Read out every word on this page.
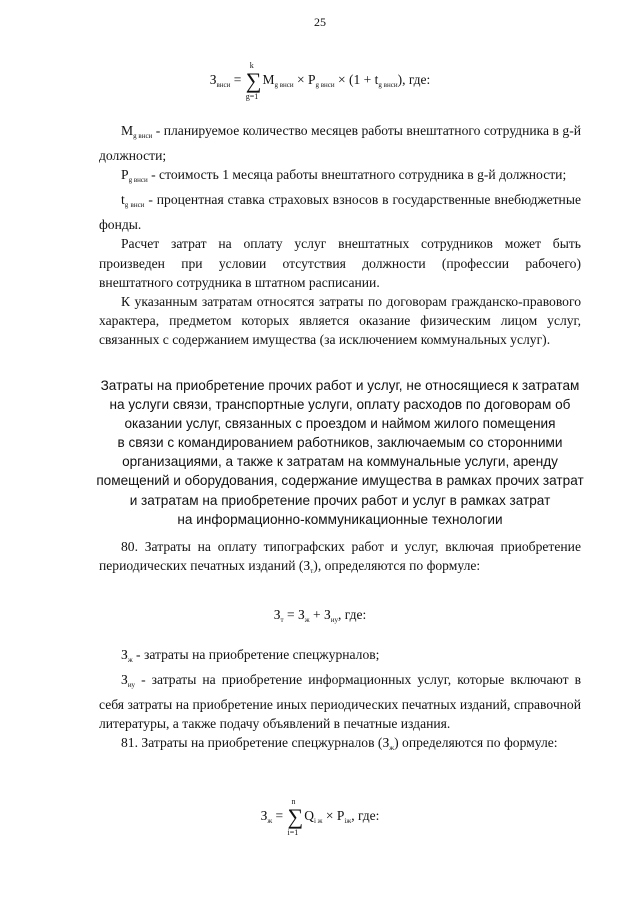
25
$З_{внси}$ =
k
∑
g=1
$M_{g внси} \times P_{g внси} \times (1 + t_{g внси})$, где:

$M_{g внси}$ - планируемое количество месяцев работы внештатного сотрудника в g-й должности;

$P_{g внси}$ - стоимость 1 месяца работы внештатного сотрудника в g-й должности;

$t_{g внси}$ - процентная ставка страховых взносов в государственные внебюджетные фонды.

Расчет затрат на оплату услуг внештатных сотрудников может быть произведен при условии отсутствия должности (профессии рабочего) внештатного сотрудника в штатном расписании.

К указанным затратам относятся затраты по договорам гражданско-правового характера, предметом которых является оказание физическим лицом услуг, связанных с содержанием имущества (за исключением коммунальных услуг).

Затраты на приобретение прочих работ и услуг, не относящиеся к затратам
на услуги связи, транспортные услуги, оплату расходов по договорам об
оказании услуг, связанных с проездом и наймом жилого помещения
в связи с командированием работников, заключаемым со сторонними
организациями, а также к затратам на коммунальные услуги, аренду
помещений и оборудования, содержание имущества в рамках прочих затрат
и затратам на приобретение прочих работ и услуг в рамках затрат
на информационно-коммуникационные технологии

80. Затраты на оплату типографских работ и услуг, включая приобретение периодических печатных изданий $(З_т)$, определяются по формуле:

$З_т = З_ж + З_{иу}$, где:

$З_ж$ - затраты на приобретение спецжурналов;

$З_{иу}$ - затраты на приобретение информационных услуг, которые включают в себя затраты на приобретение иных периодических печатных изданий, справочной литературы, а также подачу объявлений в печатные издания.

81. Затраты на приобретение спецжурналов $(З_ж)$ определяются по формуле:

$З_ж$ =
n
∑
i=1
$Q_{i ж} \times P_{iж}$, где:
